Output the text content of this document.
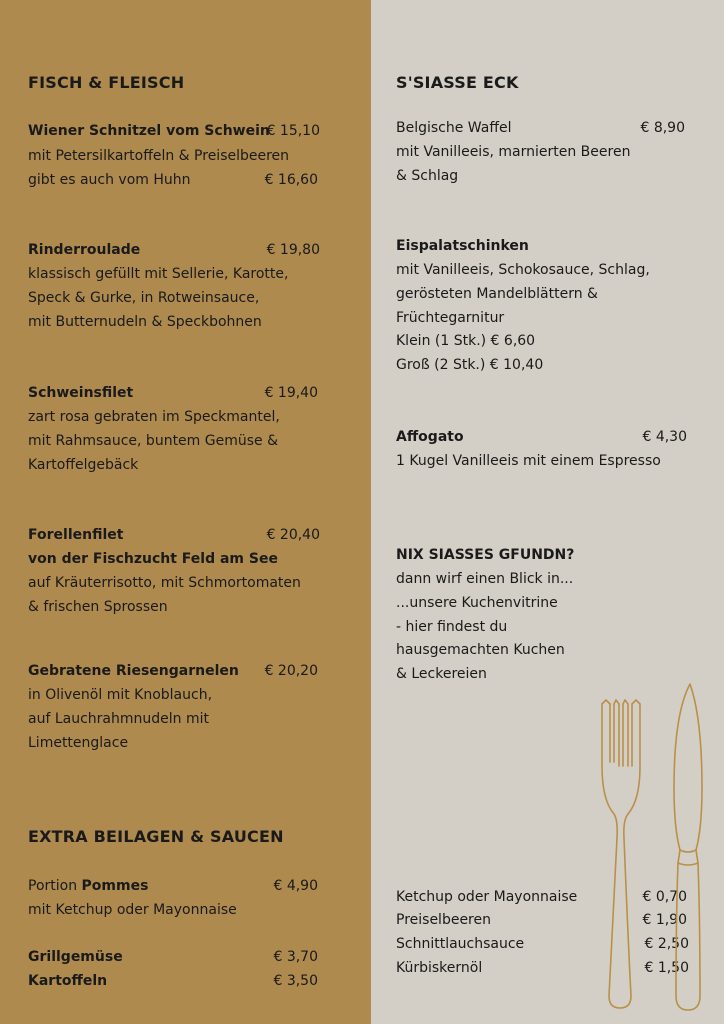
FISCH & FLEISCH
Wiener Schnitzel vom Schwein
€ 15,10
mit Petersilkartoffeln & Preiselbeeren
gibt es auch vom Huhn	€ 16,60
Rinderroulade	€ 19,80
klassisch gefüllt mit Sellerie, Karotte,
Speck & Gurke, in Rotweinsauce,
mit Butternudeln & Speckbohnen
Schweinsfilet	€ 19,40
zart rosa gebraten im Speckmantel,
mit Rahmsauce, buntem Gemüse &
Kartoffelgebäck
Forellenfilet	€ 20,40
von der Fischzucht Feld am See
auf Kräuterrisotto, mit Schmortomaten
& frischen Sprossen
Gebratene Riesengarnelen € 20,20
in Olivenöl mit Knoblauch,
auf Lauchrahmnudeln mit
Limettenglace
EXTRA BEILAGEN & SAUCEN
Portion Pommes	€ 4,90
mit Ketchup oder Mayonnaise
Grillgemüse	€ 3,70
Kartoffeln	€ 3,50
S'SIASSE ECK
Belgische Waffel	€ 8,90
mit Vanilleeis, marnierten Beeren
& Schlag
Eispalatschinken
mit Vanilleeis, Schokosauce, Schlag,
gerösteten Mandelblättern &
Früchtegarnitur
Klein (1 Stk.) € 6,60
Groß (2 Stk.) € 10,40
Affogato	€ 4,30
1 Kugel Vanilleeis mit einem Espresso
NIX SIASSES GFUNDN?
dann wirf einen Blick in...
...unsere Kuchenvitrine
- hier findest du
hausgemachten Kuchen
& Leckereien
Ketchup oder Mayonnaise	€ 0,70
Preiselbeeren	€ 1,90
Schnittlauchsauce	€ 2,50
Kürbiskernöl	€ 1,50
